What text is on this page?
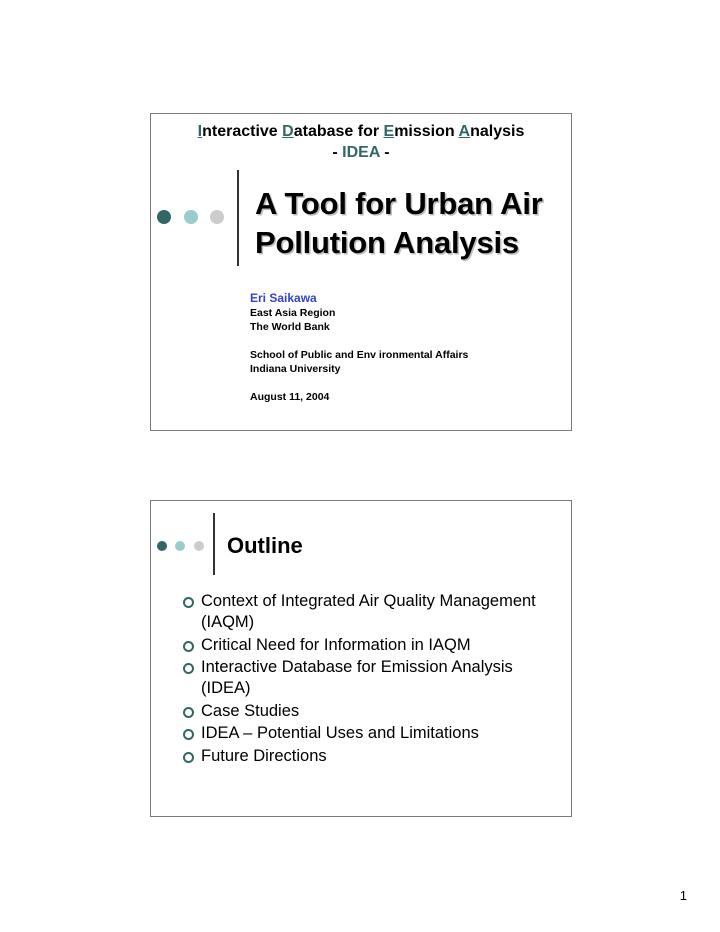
Interactive Database for Emission Analysis
- IDEA -
A Tool for Urban Air
Pollution Analysis
Eri Saikawa
East Asia Region
The World Bank
School of Public and Env ironmental Affairs
Indiana University
August 11, 2004
Outline
Context of Integrated Air Quality Management (IAQM)
Critical Need for Information in IAQM
Interactive Database for Emission Analysis (IDEA)
Case Studies
IDEA – Potential Uses and Limitations
Future Directions
1
